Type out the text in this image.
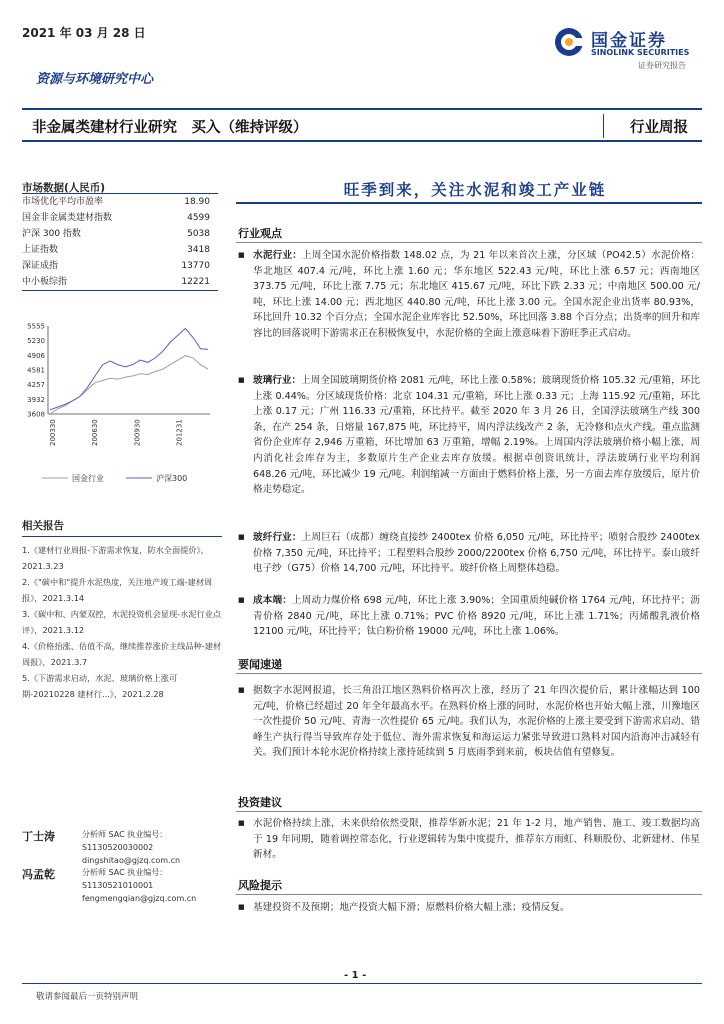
2021 年 03 月 28 日	国金证券
SINOLINK SECURITIES
证券研究报告
资源与环境研究中心
非金属类建材行业研究　买入（维持评级）	行业周报
市场数据(人民币)
市场优化平均市盈率	18.90
国金非金属类建材指数	4599
沪深 300 指数	5038
上证指数	3418
深证成指	13770
中小板综指	12221
3608
3932
4257
4581
4906
5230
5555
200330	200630	200930	201231
国金行业	沪深300
相关报告
1.《建材行业周报-下游需求恢复，防水全面提价》，2021.3.23
2.《"碳中和"提升水泥热度，关注地产竣工端-建材周报》，2021.3.14
3.《碳中和、内蒙双控，水泥投资机会显现-水泥行业点评》，2021.3.12
4.《价格抬涨、估值不高，继续推荐涨价主线品种-建材周报》，2021.3.7
5.《下游需求启动，水泥、玻璃价格上涨可期-20210228 建材行...》，2021.2.28
丁士涛	分析师 SAC 执业编号：S1130520030002
dingshitao@gjzq.com.cn
冯孟乾	分析师 SAC 执业编号：S1130521010001
fengmengqian@gjzq.com.cn
旺季到来，关注水泥和竣工产业链
行业观点
■ 水泥行业：上周全国水泥价格指数 148.02 点，为 21 年以来首次上涨，分区域（PO42.5）水泥价格：华北地区 407.4 元/吨，环比上涨 1.60 元；华东地区 522.43 元/吨，环比上涨 6.57 元；西南地区 373.75 元/吨，环比上涨 7.75 元；东北地区 415.67 元/吨，环比下跌 2.33 元；中南地区 500.00 元/吨，环比上涨 14.00 元；西北地区 440.80 元/吨，环比上涨 3.00 元。全国水泥企业出货率 80.93%，环比回升 10.32 个百分点；全国水泥企业库容比 52.50%，环比回落 3.88 个百分点；出货率的回升和库容比的回落说明下游需求正在积极恢复中，水泥价格的全面上涨意味着下游旺季正式启动。
■ 玻璃行业：上周全国玻璃期货价格 2081 元/吨，环比上涨 0.58%；玻璃现货价格 105.32 元/重箱，环比上涨 0.44%。分区域现货价格：北京 104.31 元/重箱，环比上涨 0.33 元；上海 115.92 元/重箱，环比上涨 0.17 元；广州 116.33 元/重箱，环比持平。截至 2020 年 3 月 26 日，全国浮法玻璃生产线 300 条，在产 254 条，日熔量 167,875 吨，环比持平，周内浮法线改产 2 条，无冷修和点火产线。重点监测省份企业库存 2,946 万重箱，环比增加 63 万重箱，增幅 2.19%。上周国内浮法玻璃价格小幅上涨，周内消化社会库存为主，多数原片生产企业去库存放缓。根据卓创资讯统计，浮法玻璃行业平均利润 648.26 元/吨，环比减少 19 元/吨。利润缩减一方面由于燃料价格上涨，另一方面去库存放缓后，原片价格走势稳定。
■ 玻纤行业：上周巨石（成都）缠绕直接纱 2400tex 价格 6,050 元/吨，环比持平；喷射合股纱 2400tex 价格 7,350 元/吨，环比持平；工程塑料合股纱 2000/2200tex 价格 6,750 元/吨，环比持平。泰山玻纤电子纱（G75）价格 14,700 元/吨，环比持平。玻纤价格上周整体趋稳。
■ 成本端：上周动力煤价格 698 元/吨，环比上涨 3.90%；全国重质纯碱价格 1764 元/吨，环比持平；沥青价格 2840 元/吨，环比上涨 0.71%；PVC 价格 8920 元/吨，环比上涨 1.71%；丙烯酸乳液价格 12100 元/吨，环比持平；钛白粉价格 19000 元/吨，环比上涨 1.06%。
要闻速递
■ 据数字水泥网报道，长三角沿江地区熟料价格再次上涨，经历了 21 年四次提价后，累计涨幅达到 100 元/吨，价格已经超过 20 年全年最高水平。在熟料价格上涨的同时，水泥价格也开始大幅上涨，川豫地区一次性提价 50 元/吨、青海一次性提价 65 元/吨。我们认为，水泥价格的上涨主要受到下游需求启动、错峰生产执行得当导致库存处于低位、海外需求恢复和海运运力紧张导致进口熟料对国内沿海冲击减轻有关。我们预计本轮水泥价格持续上涨持延续到 5 月底雨季到来前，板块估值有望修复。
投资建议
■ 水泥价格持续上涨，未来供给依然受限，推荐华新水泥；21 年 1-2 月，地产销售、施工、竣工数据均高于 19 年同期，随着调控常态化，行业逻辑转为集中度提升，推荐东方雨虹、科顺股份、北新建材、伟星新材。
风险提示
■ 基建投资不及预期；地产投资大幅下滑；原燃料价格大幅上涨；疫情反复。
- 1 -
敬请参阅最后一页特别声明
